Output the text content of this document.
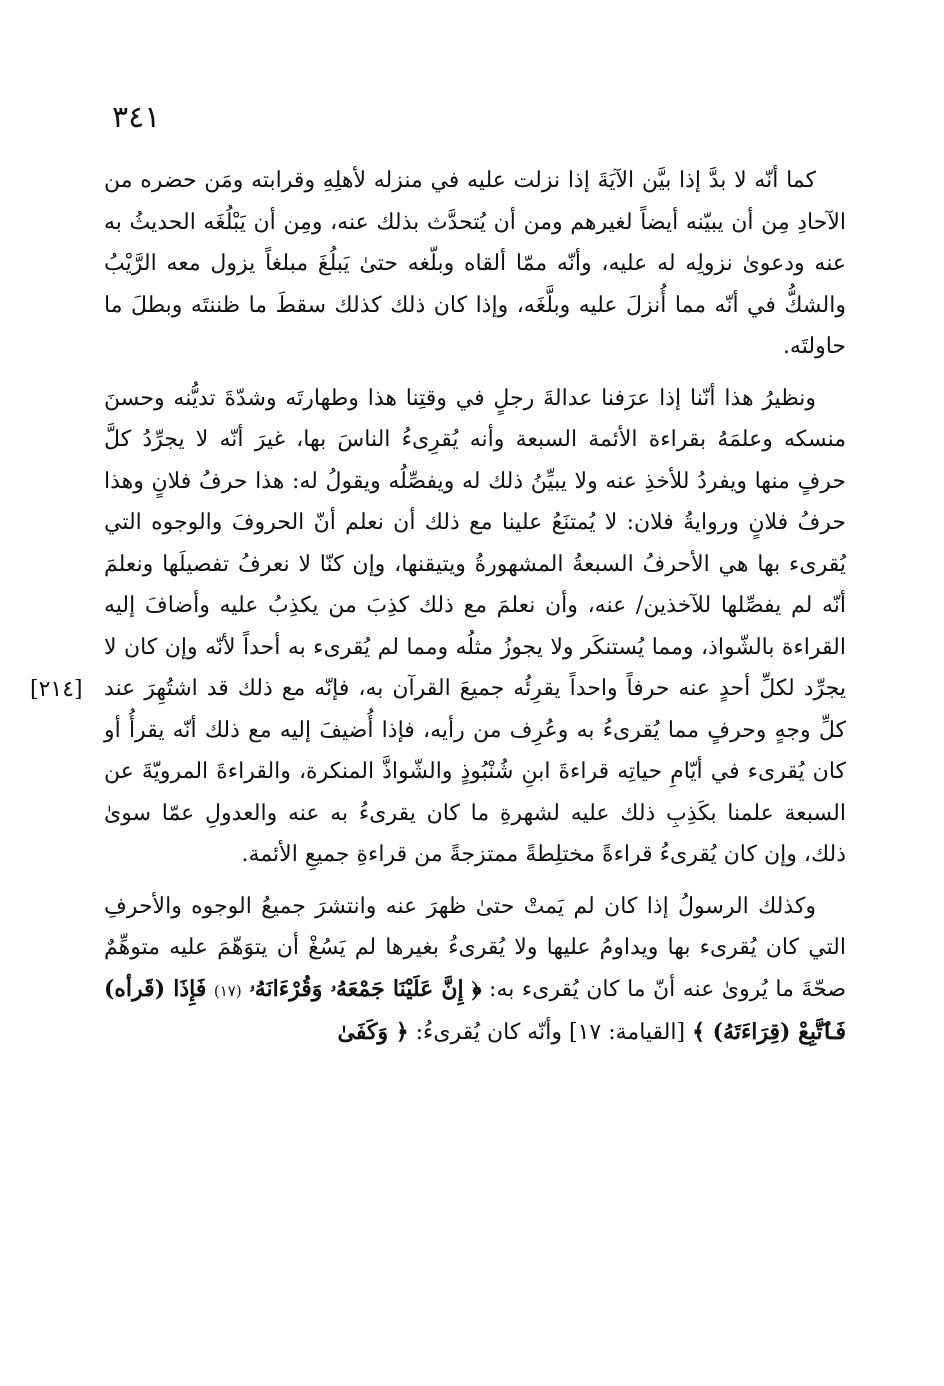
٣٤١
[٢١٤]

كما أنّه لا بدَّ إذا بيَّن الآيَةَ إذا نزلت عليه في منزله لأهلِهِ وقرابته ومَن حضره من الآحادِ مِن أن يبيّنه أيضاً لغيرهم ومن أن يُتحدَّث بذلك عنه، ومِن أن يَبْلُغَه الحديثُ به عنه ودعوىٰ نزولِه له عليه، وأنّه ممّا ألقاه وبلّغه حتىٰ يَبلُغَ مبلغاً يزول معه الرَّيْبُ والشكُّ في أنّه مما أُنزلَ عليه وبلَّغَه، وإذا كان ذلك كذلك سقطَ ما ظننتَه وبطلَ ما حاولتَه.

ونظيرُ هذا أنّنا إذا عرَفنا عدالةَ رجلٍ في وقتِنا هذا وطهارتَه وشدّةَ تديُّنه وحسنَ منسكه وعلمَهُ بقراءة الأئمة السبعة وأنه يُقرِىءُ الناسَ بها، غيرَ أنّه لا يجرِّدُ كلَّ حرفٍ منها ويفردُ للأخذِ عنه ولا يبيِّنُ ذلك له ويفصِّلُه ويقولُ له: هذا حرفُ فلانٍ وهذا حرفُ فلانٍ وروايةُ فلان: لا يُمتنَعُ علينا مع ذلك أن نعلم أنّ الحروفَ والوجوه التي يُقرىء بها هي الأحرفُ السبعةُ المشهورةُ ويتيقنها، وإن كنّا لا نعرفُ تفصيلَها ونعلمَ أنّه لم يفصِّلها للآخذين/ عنه، وأن نعلمَ مع ذلك كذِبَ من يكذِبُ عليه وأضافَ إليه القراءة بالشّواذ، ومما يُستنكَر ولا يجوزُ مثلُه ومما لم يُقرىء به أحداً لأنّه وإن كان لا يجرِّد لكلِّ أحدٍ عنه حرفاً واحداً يقرِئُه جميعَ القرآن به، فإنّه مع ذلك قد اشتُهِرَ عند كلِّ وجهٍ وحرفٍ مما يُقرىءُ به وعُرِف من رأيه، فإذا أُضيفَ إليه مع ذلك أنّه يقرأُ أو كان يُقرىء في أيّامِ حياتِه قراءةَ ابنِ شُنْبُوذٍ والشّواذَّ المنكرة، والقراءةَ المرويّةَ عن السبعة علمنا بكَذِبِ ذلك عليه لشهرةِ ما كان يقرىءُ به عنه والعدولِ عمّا سوىٰ ذلك، وإن كان يُقرىءُ قراءةً مختلِطةً ممتزجةً من قراءةِ جميعِ الأئمة.

وكذلك الرسولُ إذا كان لم يَمتْ حتىٰ ظهرَ عنه وانتشرَ جميعُ الوجوه والأحرفِ التي كان يُقرىء بها ويداومُ عليها ولا يُقرىءُ بغيرها لم يَسُغْ أن يتوَهّمَ عليه متوهِّمٌ صحّةَ ما يُروىٰ عنه أنّ ما كان يُقرىء به: ﴿ إِنَّ عَلَيْنَا جَمْعَهُۥ وَقُرْءَانَهُۥ (١٧) فَإِذَا (قَرأه) فَٱتَّبِعْ (قِرَاءَتَهُ) ﴾ [القيامة: ١٧] وأنّه كان يُقرىءُ: ﴿ وَكَفَىٰ
